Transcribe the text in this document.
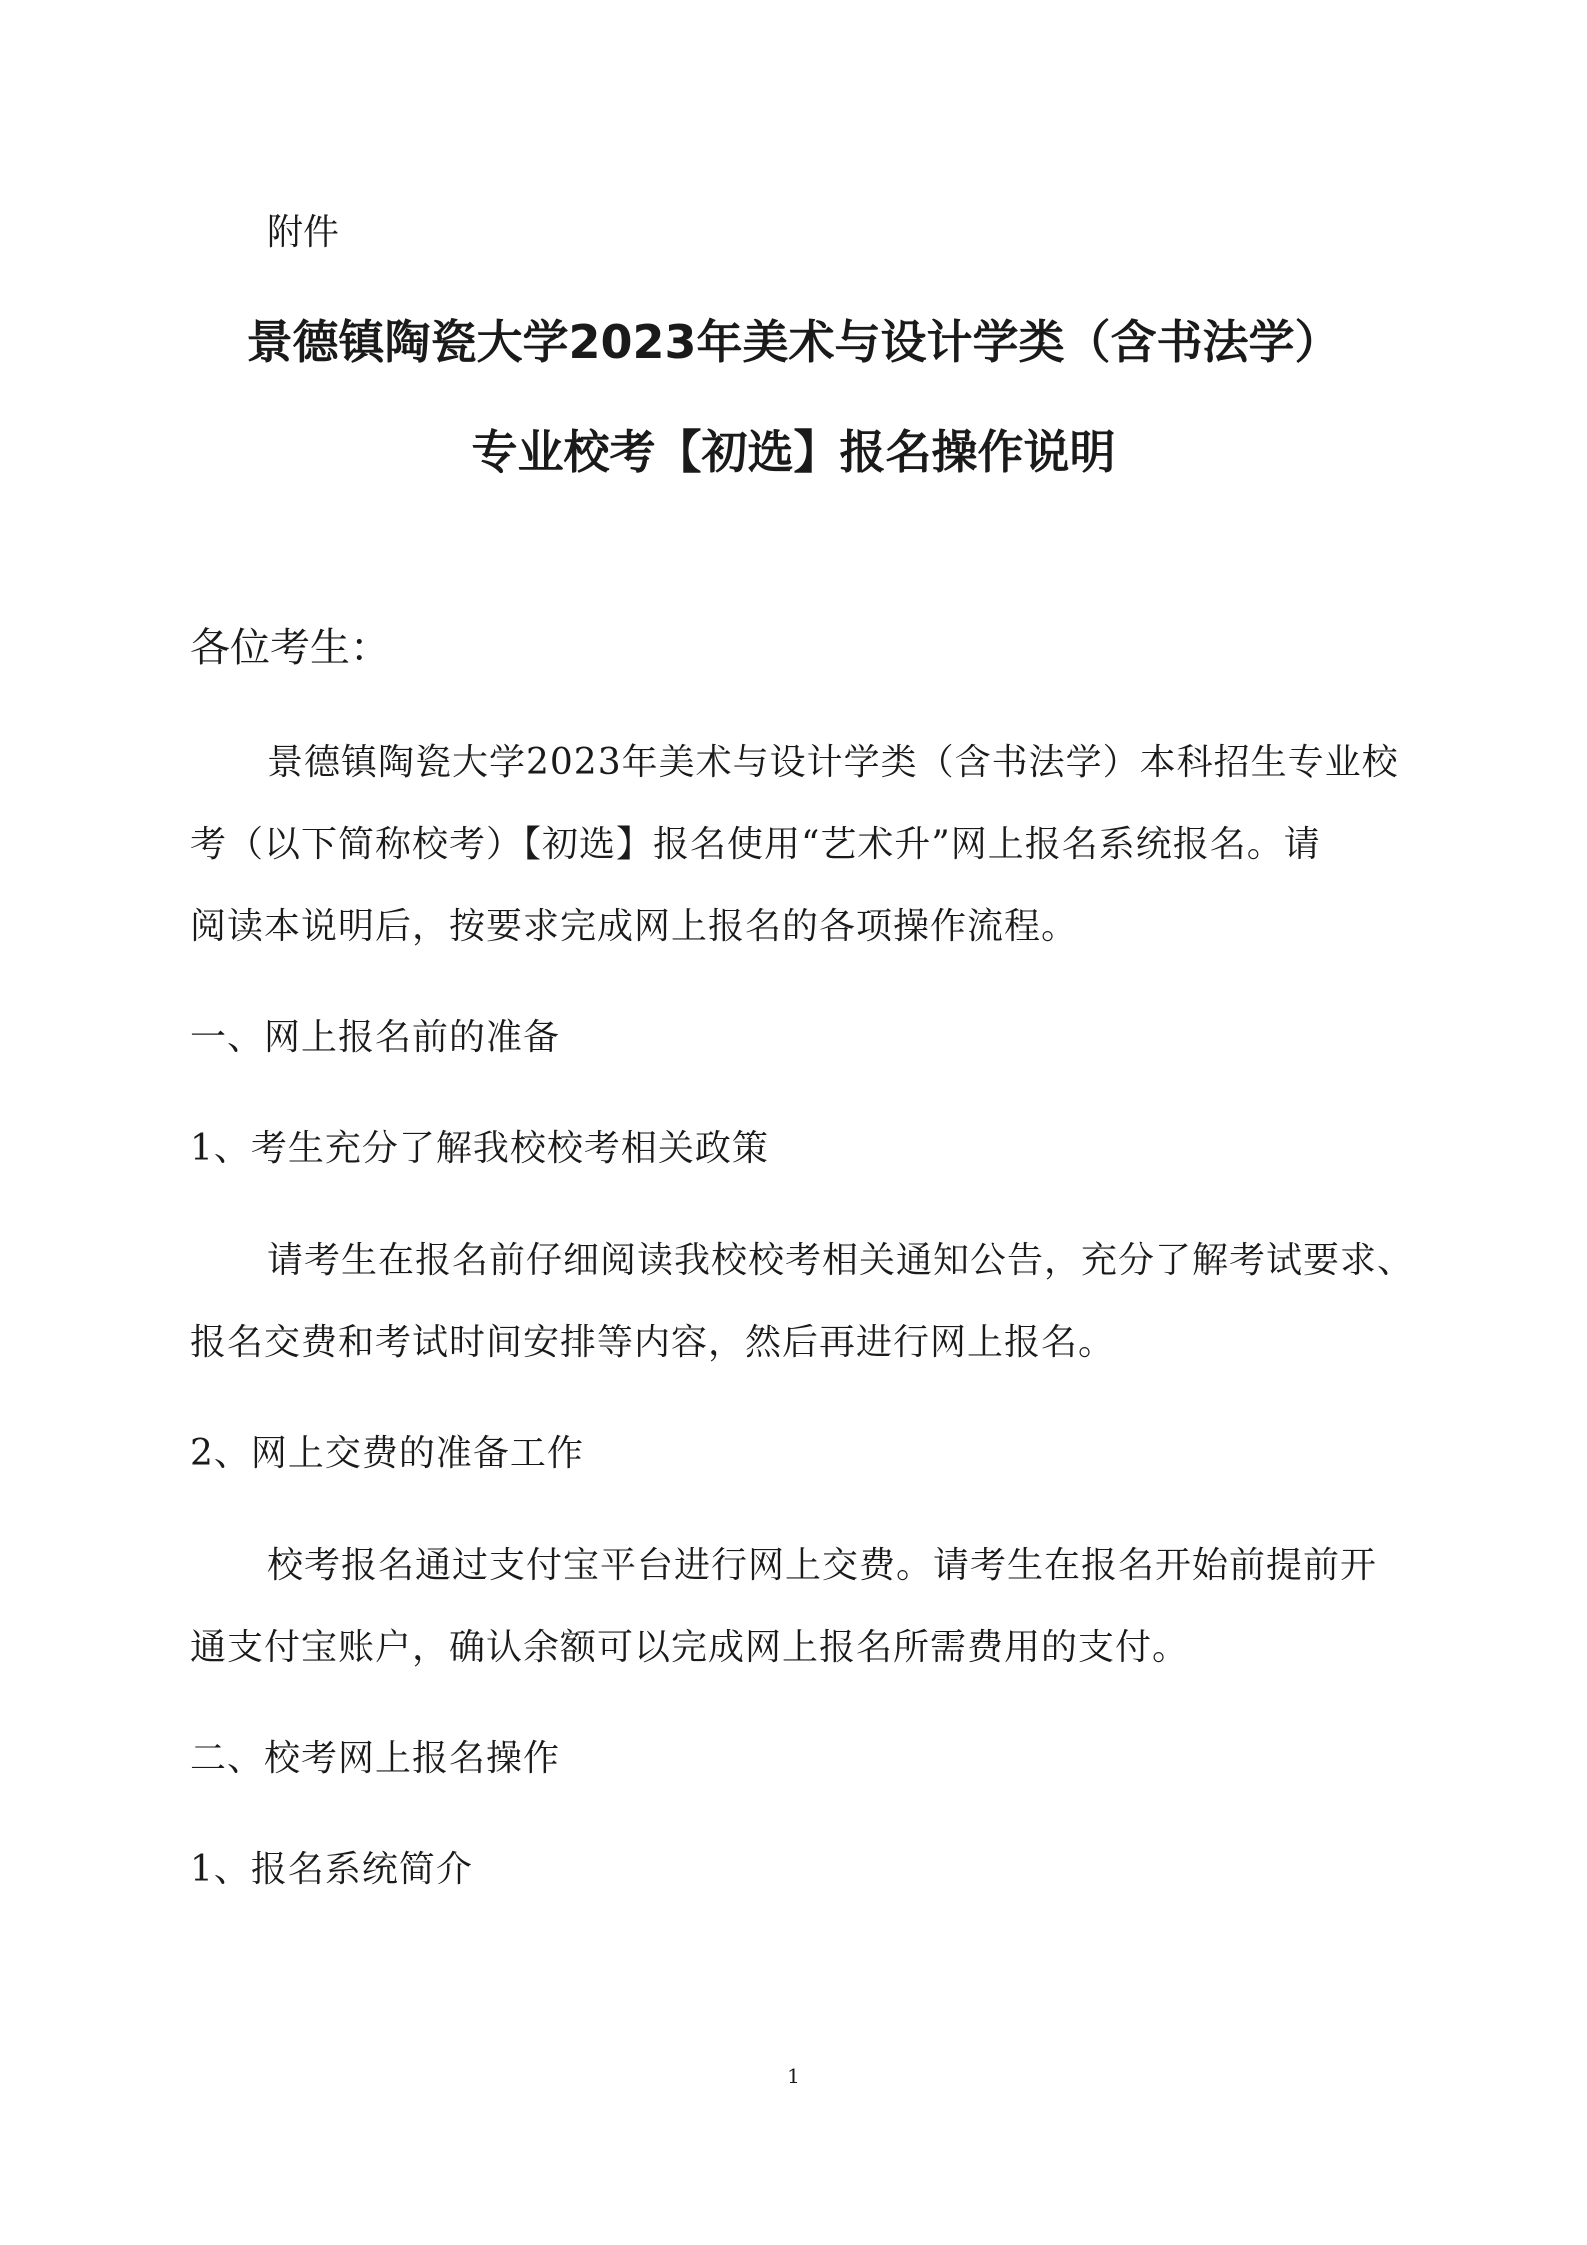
附件
景德镇陶瓷大学2023年美术与设计学类（含书法学）
专业校考【初选】报名操作说明
各位考生：
景德镇陶瓷大学2023年美术与设计学类（含书法学）本科招生专业校
考（以下简称校考）【初选】报名使用“艺术升”网上报名系统报名。请
阅读本说明后，按要求完成网上报名的各项操作流程。
一、网上报名前的准备
1、考生充分了解我校校考相关政策
请考生在报名前仔细阅读我校校考相关通知公告，充分了解考试要求、
报名交费和考试时间安排等内容，然后再进行网上报名。
2、网上交费的准备工作
校考报名通过支付宝平台进行网上交费。请考生在报名开始前提前开
通支付宝账户，确认余额可以完成网上报名所需费用的支付。
二、校考网上报名操作
1、报名系统简介
1
